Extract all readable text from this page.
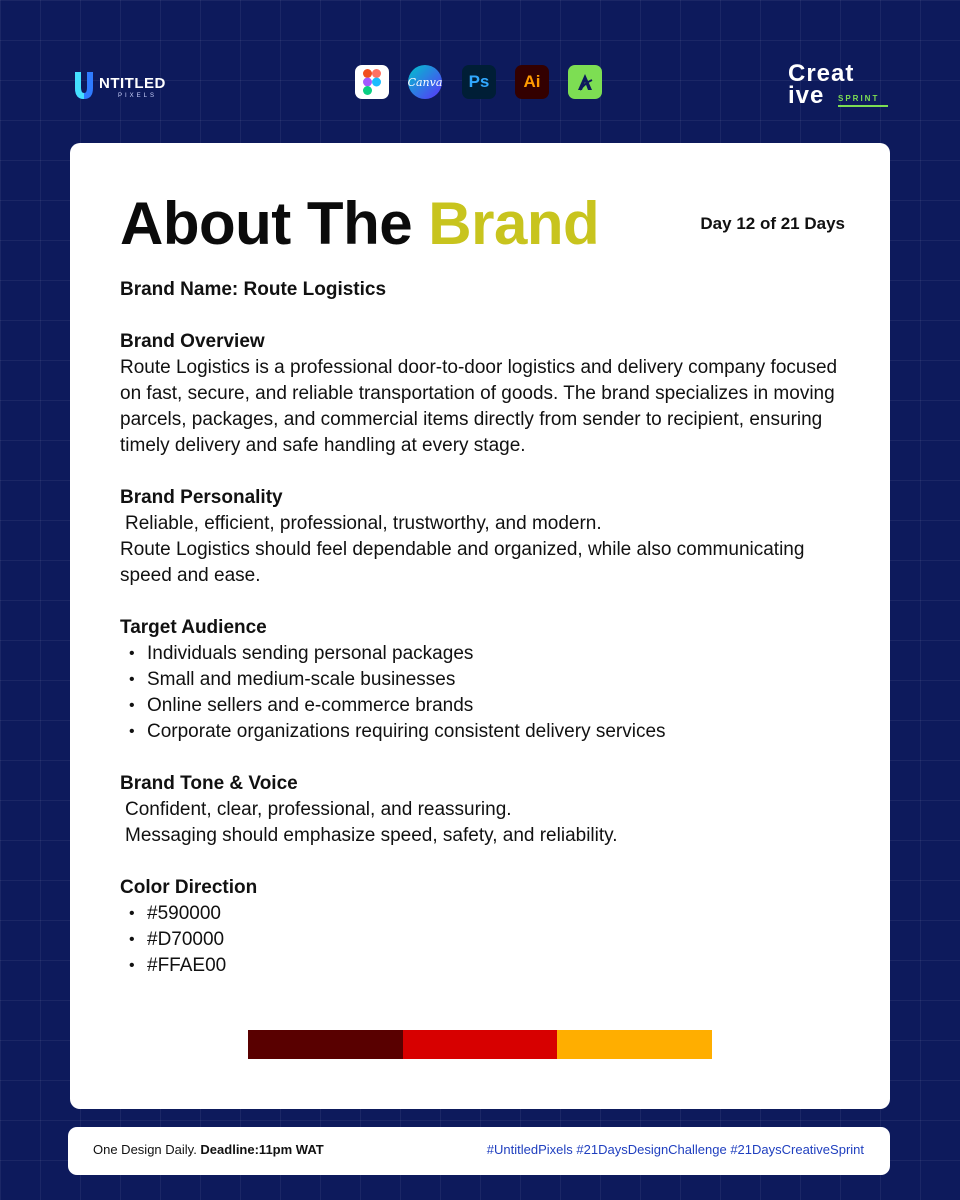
NTITLED
PIXELS
Canva Ps Ai	Creat
ive SPRINT
About The Brand	Day 12 of 21 Days

Brand Name: Route Logistics

Brand Overview

Route Logistics is a professional door-to-door logistics and delivery company focused on fast, secure, and reliable transportation of goods. The brand specializes in moving parcels, packages, and commercial items directly from sender to recipient, ensuring timely delivery and safe handling at every stage.

Brand Personality

Reliable, efficient, professional, trustworthy, and modern.

Route Logistics should feel dependable and organized, while also communicating speed and ease.

Target Audience

• Individuals sending personal packages
• Small and medium-scale businesses
• Online sellers and e-commerce brands
• Corporate organizations requiring consistent delivery services

Brand Tone & Voice

Confident, clear, professional, and reassuring.

Messaging should emphasize speed, safety, and reliability.

Color Direction

• #590000
• #D70000
• #FFAE00
One Design Daily. Deadline:11pm WAT	#UntitledPixels #21DaysDesignChallenge #21DaysCreativeSprint
